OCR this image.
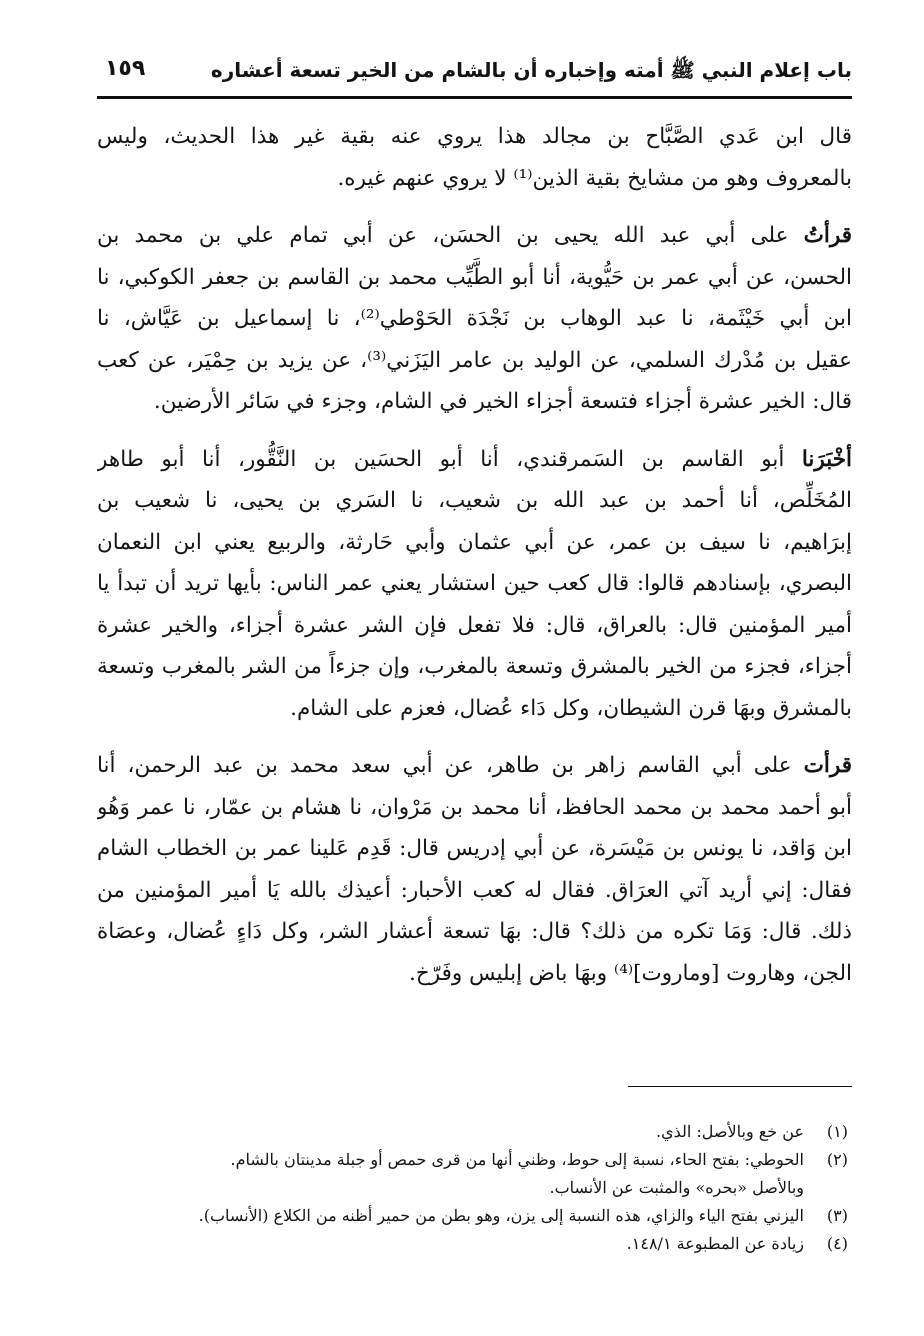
باب إعلام النبي ﷺ أمته وإخباره أن بالشام من الخير تسعة أعشاره
١٥٩
قال ابن عَدي الصَّبَّاح بن مجالد هذا يروي عنه بقية غير هذا الحديث، وليس
بالمعروف وهو من مشايخ بقية الذين⁽¹⁾ لا يروي عنهم غيره.
قرأتُ على أبي عبد الله يحيى بن الحسَن، عن أبي تمام علي بن محمد بن
الحسن، عن أبي عمر بن حَيُّوية، أنا أبو الطَّيِّب محمد بن القاسم بن جعفر الكوكبي، نا
ابن أبي خَيْثَمة، نا عبد الوهاب بن نَجْدَة الحَوْطي⁽²⁾، نا إسماعيل بن عَيَّاش، نا
عقيل بن مُدْرك السلمي، عن الوليد بن عامر اليَزَني⁽³⁾، عن يزيد بن حِمْيَر، عن كعب
قال: الخير عشرة أجزاء فتسعة أجزاء الخير في الشام، وجزء في سَائر الأرضين.
أخْبَرَنا أبو القاسم بن السَمرقندي، أنا أبو الحسَين بن النَّقُّور، أنا أبو طاهر
المُخَلِّص، أنا أحمد بن عبد الله بن شعيب، نا السَري بن يحيى، نا شعيب بن
إبرَاهيم، نا سيف بن عمر، عن أبي عثمان وأبي حَارثة، والربيع يعني ابن النعمان
البصري، بإسنادهم قالوا: قال كعب حين استشار يعني عمر الناس: بأيها تريد أن تبدأ يا
أمير المؤمنين قال: بالعراق، قال: فلا تفعل فإن الشر عشرة أجزاء، والخير عشرة
أجزاء، فجزء من الخير بالمشرق وتسعة بالمغرب، وإن جزءاً من الشر بالمغرب وتسعة
بالمشرق وبهَا قرن الشيطان، وكل دَاء عُضال، فعزم على الشام.
قرأت على أبي القاسم زاهر بن طاهر، عن أبي سعد محمد بن عبد الرحمن، أنا
أبو أحمد محمد بن محمد الحافظ، أنا محمد بن مَرْوان، نا هشام بن عمّار، نا عمر وَهُو
ابن وَاقد، نا يونس بن مَيْسَرة، عن أبي إدريس قال: قَدِم عَلينا عمر بن الخطاب الشام
فقال: إني أريد آتي العرَاق. فقال له كعب الأحبار: أعيذك بالله يَا أمير المؤمنين من
ذلك. قال: وَمَا تكره من ذلك؟ قال: بهَا تسعة أعشار الشر، وكل دَاءٍ عُضال، وعصَاة
الجن، وهاروت [وماروت]⁽⁴⁾ وبهَا باض إبليس وفَرّخ.
(١)
عن خع وبالأصل: الذي.
(٢)
الحوطي: بفتح الحاء، نسبة إلى حوط، وظني أنها من قرى حمص أو جبلة مدينتان بالشام.
وبالأصل «بحره» والمثبت عن الأنساب.
(٣)
اليزني بفتح الياء والزاي، هذه النسبة إلى يزن، وهو بطن من حمير أظنه من الكلاع (الأنساب).
(٤)
زيادة عن المطبوعة ١٤٨/١.
